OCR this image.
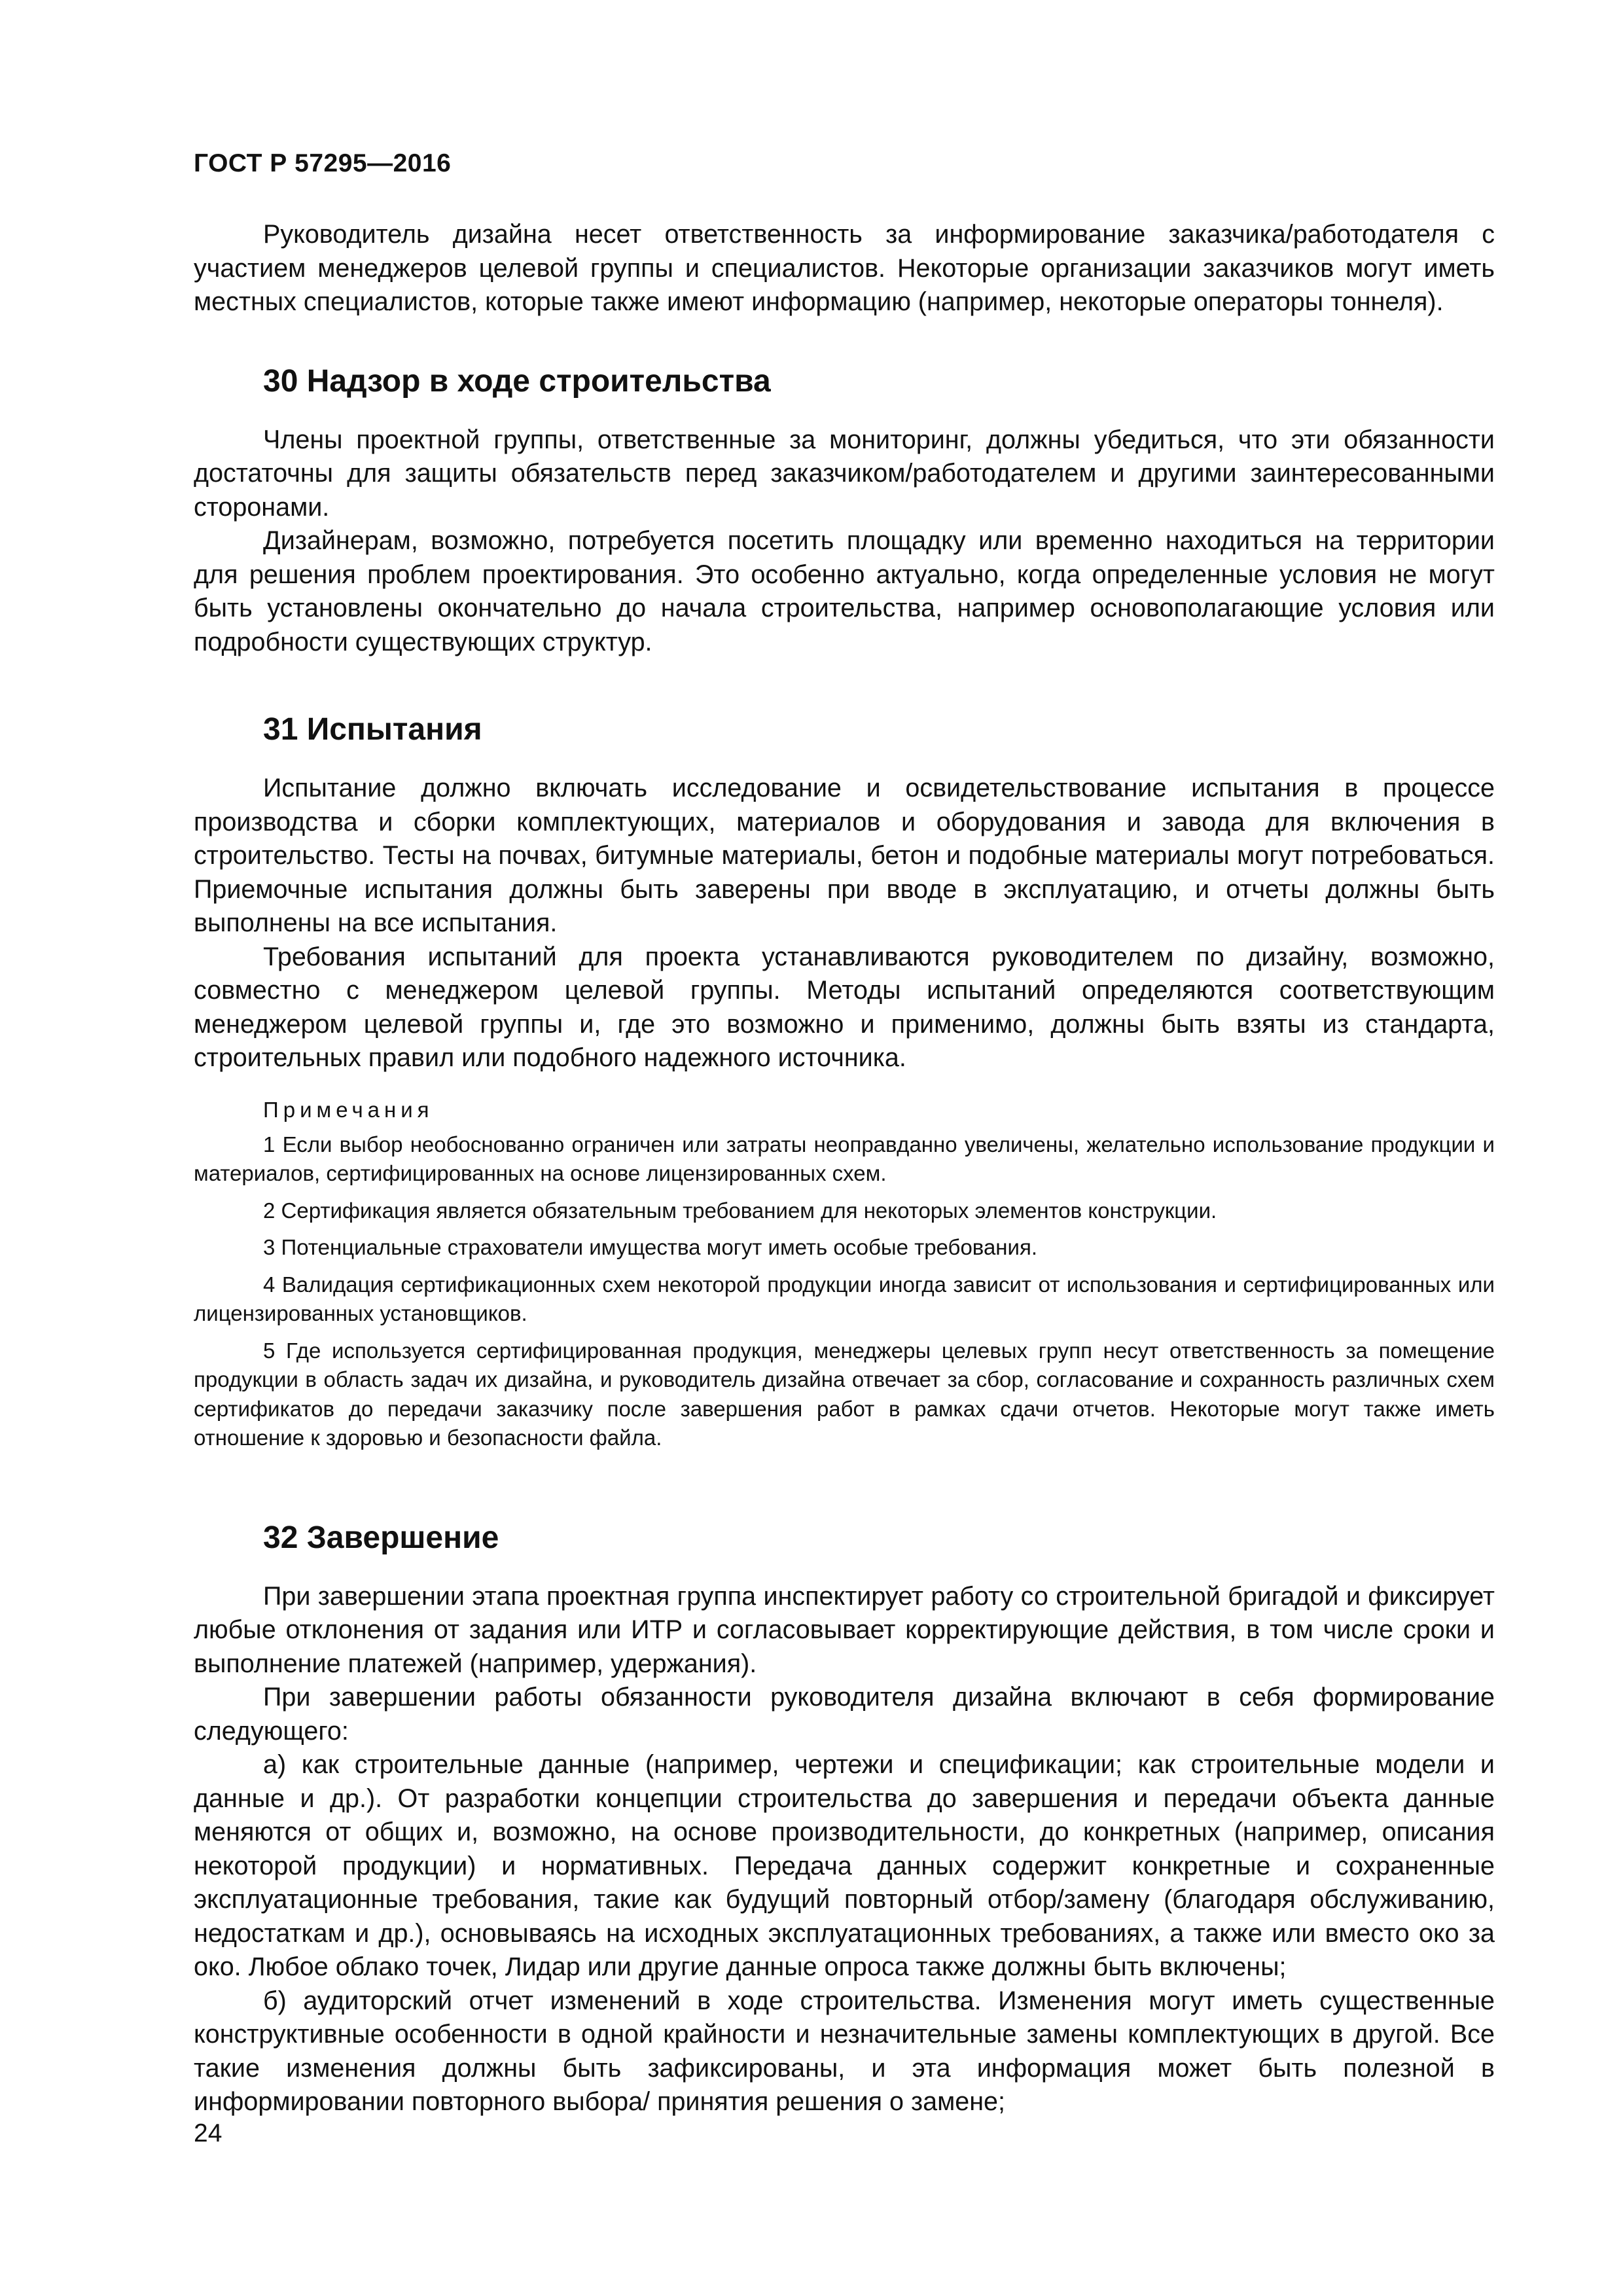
ГОСТ Р 57295—2016

Руководитель дизайна несет ответственность за информирование заказчика/работодателя с участием менеджеров целевой группы и специалистов. Некоторые организации заказчиков могут иметь местных специалистов, которые также имеют информацию (например, некоторые операторы тоннеля).

30 Надзор в ходе строительства

Члены проектной группы, ответственные за мониторинг, должны убедиться, что эти обязанности достаточны для защиты обязательств перед заказчиком/работодателем и другими заинтересованными сторонами.

Дизайнерам, возможно, потребуется посетить площадку или временно находиться на территории для решения проблем проектирования. Это особенно актуально, когда определенные условия не могут быть установлены окончательно до начала строительства, например основополагающие условия или подробности существующих структур.

31 Испытания

Испытание должно включать исследование и освидетельствование испытания в процессе производства и сборки комплектующих, материалов и оборудования и завода для включения в строительство. Тесты на почвах, битумные материалы, бетон и подобные материалы могут потребоваться. Приемочные испытания должны быть заверены при вводе в эксплуатацию, и отчеты должны быть выполнены на все испытания.

Требования испытаний для проекта устанавливаются руководителем по дизайну, возможно, совместно с менеджером целевой группы. Методы испытаний определяются соответствующим менеджером целевой группы и, где это возможно и применимо, должны быть взяты из стандарта, строительных правил или подобного надежного источника.

Примечания

1 Если выбор необоснованно ограничен или затраты неоправданно увеличены, желательно использование продукции и материалов, сертифицированных на основе лицензированных схем.

2 Сертификация является обязательным требованием для некоторых элементов конструкции.

3 Потенциальные страхователи имущества могут иметь особые требования.

4 Валидация сертификационных схем некоторой продукции иногда зависит от использования и сертифицированных или лицензированных установщиков.

5 Где используется сертифицированная продукция, менеджеры целевых групп несут ответственность за помещение продукции в область задач их дизайна, и руководитель дизайна отвечает за сбор, согласование и сохранность различных схем сертификатов до передачи заказчику после завершения работ в рамках сдачи отчетов. Некоторые могут также иметь отношение к здоровью и безопасности файла.

32 Завершение

При завершении этапа проектная группа инспектирует работу со строительной бригадой и фиксирует любые отклонения от задания или ИТР и согласовывает корректирующие действия, в том числе сроки и выполнение платежей (например, удержания).

При завершении работы обязанности руководителя дизайна включают в себя формирование следующего:

а) как строительные данные (например, чертежи и спецификации; как строительные модели и данные и др.). От разработки концепции строительства до завершения и передачи объекта данные меняются от общих и, возможно, на основе производительности, до конкретных (например, описания некоторой продукции) и нормативных. Передача данных содержит конкретные и сохраненные эксплуатационные требования, такие как будущий повторный отбор/замену (благодаря обслуживанию, недостаткам и др.), основываясь на исходных эксплуатационных требованиях, а также или вместо око за око. Любое облако точек, Лидар или другие данные опроса также должны быть включены;

б) аудиторский отчет изменений в ходе строительства. Изменения могут иметь существенные конструктивные особенности в одной крайности и незначительные замены комплектующих в другой. Все такие изменения должны быть зафиксированы, и эта информация может быть полезной в информировании повторного выбора/ принятия решения о замене;

24
